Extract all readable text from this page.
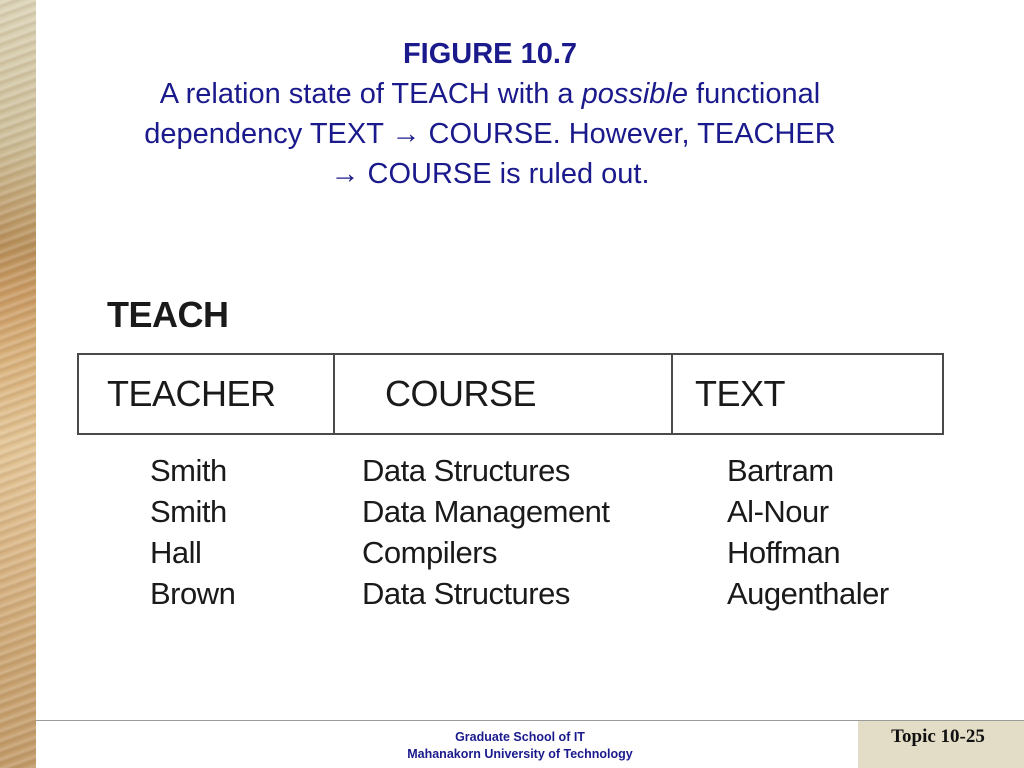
FIGURE 10.7
A relation state of TEACH with a possible functional
dependency TEXT → COURSE. However, TEACHER
→ COURSE is ruled out.
TEACH
TEACHER	COURSE	TEXT
Smith	Data Structures	Bartram
Smith	Data Management	Al-Nour
Hall	Compilers	Hoffman
Brown	Data Structures	Augenthaler
Graduate School of IT
Mahanakorn University of Technology
Topic 10-25
